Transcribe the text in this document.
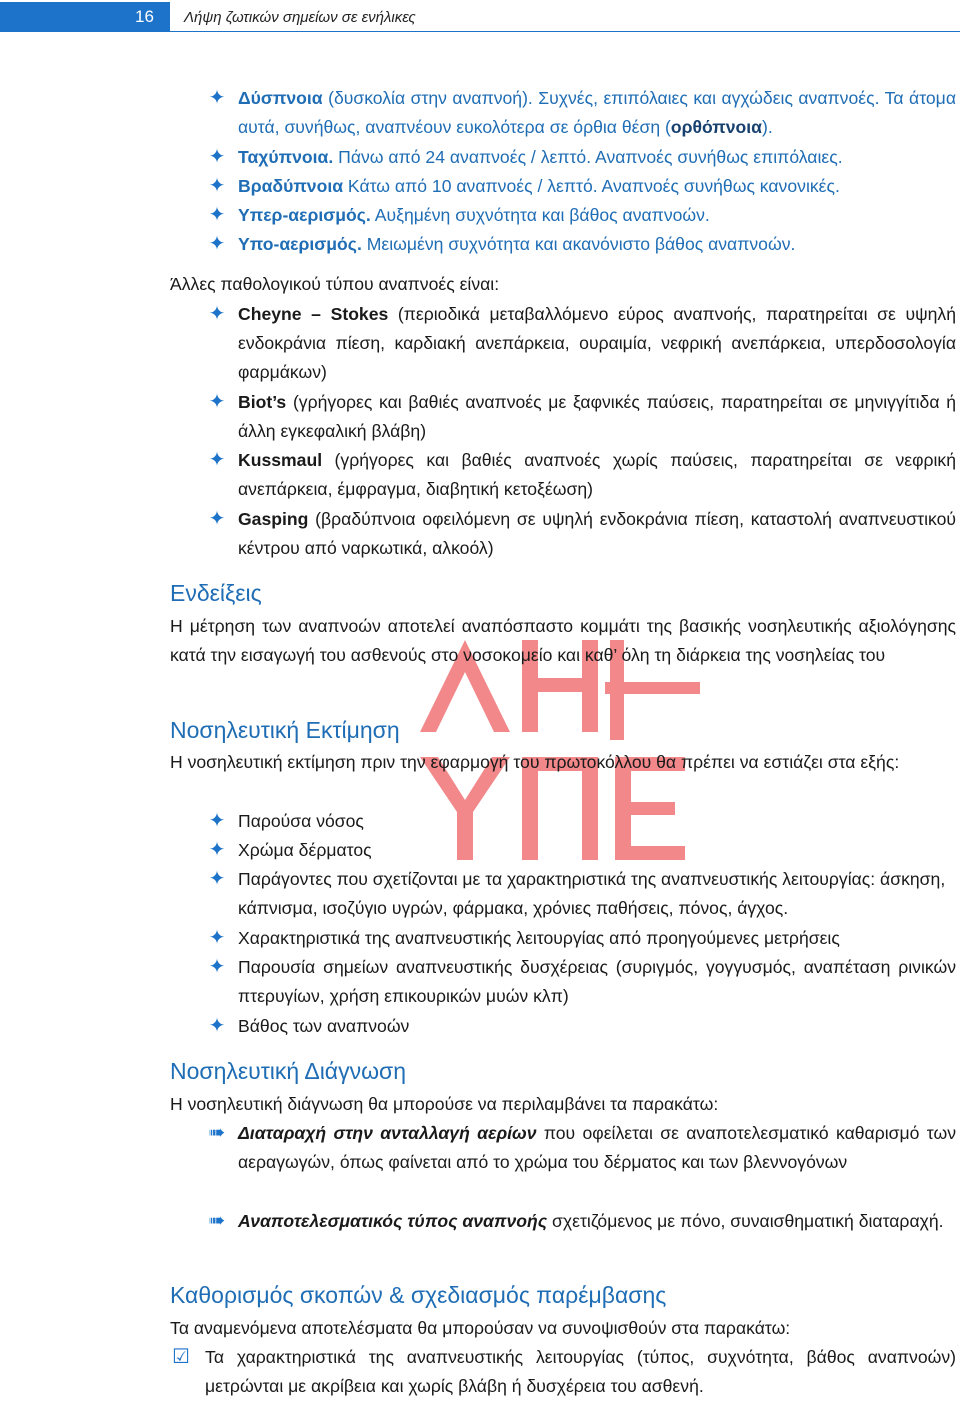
16	Λήψη ζωτικών σημείων σε ενήλικες
✦ Δύσπνοια (δυσκολία στην αναπνοή). Συχνές, επιπόλαιες και αγχώδεις αναπνοές. Τα άτομα αυτά, συνήθως, αναπνέουν ευκολότερα σε όρθια θέση (ορθόπνοια).
✦ Ταχύπνοια. Πάνω από 24 αναπνοές / λεπτό. Αναπνοές συνήθως επιπόλαιες.
✦ Βραδύπνοια Κάτω από 10 αναπνοές / λεπτό. Αναπνοές συνήθως κανονικές.
✦ Υπερ-αερισμός. Αυξημένη συχνότητα και βάθος αναπνοών.
✦ Υπο-αερισμός. Μειωμένη συχνότητα και ακανόνιστο βάθος αναπνοών.
Άλλες παθολογικού τύπου αναπνοές είναι:
✦ Cheyne – Stokes (περιοδικά μεταβαλλόμενο εύρος αναπνοής, παρατηρείται σε υψηλή ενδοκράνια πίεση, καρδιακή ανεπάρκεια, ουραιμία, νεφρική ανεπάρκεια, υπερδοσολογία φαρμάκων)
✦ Biot’s (γρήγορες και βαθιές αναπνοές με ξαφνικές παύσεις, παρατηρείται σε μηνιγγίτιδα ή άλλη εγκεφαλική βλάβη)
✦ Kussmaul (γρήγορες και βαθιές αναπνοές χωρίς παύσεις, παρατηρείται σε νεφρική ανεπάρκεια, έμφραγμα, διαβητική κετοξέωση)
✦ Gasping (βραδύπνοια οφειλόμενη σε υψηλή ενδοκράνια πίεση, καταστολή αναπνευστικού κέντρου από ναρκωτικά, αλκοόλ)
Ενδείξεις
Η μέτρηση των αναπνοών αποτελεί αναπόσπαστο κομμάτι της βασικής νοσηλευτικής αξιολόγησης κατά την εισαγωγή του ασθενούς στο νοσοκομείο και καθ’ όλη τη διάρκεια της νοσηλείας του
Νοσηλευτική Εκτίμηση
Η νοσηλευτική εκτίμηση πριν την εφαρμογή του πρωτοκόλλου θα πρέπει να εστιάζει στα εξής:
✦ Παρούσα νόσος
✦ Χρώμα δέρματος
✦ Παράγοντες που σχετίζονται με τα χαρακτηριστικά της αναπνευστικής λειτουργίας: άσκηση, κάπνισμα, ισοζύγιο υγρών, φάρμακα, χρόνιες παθήσεις, πόνος, άγχος.
✦ Χαρακτηριστικά της αναπνευστικής λειτουργίας από προηγούμενες μετρήσεις
✦ Παρουσία σημείων αναπνευστικής δυσχέρειας (συριγμός, γογγυσμός, αναπέταση ρινικών πτερυγίων, χρήση επικουρικών μυών κλπ)
✦ Βάθος των αναπνοών
Νοσηλευτική Διάγνωση
Η νοσηλευτική διάγνωση θα μπορούσε να περιλαμβάνει τα παρακάτω:
➠ Διαταραχή στην ανταλλαγή αερίων που οφείλεται σε αναποτελεσματικό καθαρισμό των αεραγωγών, όπως φαίνεται από το χρώμα του δέρματος και των βλεννογόνων
➠ Αναποτελεσματικός τύπος αναπνοής σχετιζόμενος με πόνο, συναισθηματική διαταραχή.
Καθορισμός σκοπών & σχεδιασμός παρέμβασης
Τα αναμενόμενα αποτελέσματα θα μπορούσαν να συνοψισθούν στα παρακάτω:
☑ Τα χαρακτηριστικά της αναπνευστικής λειτουργίας (τύπος, συχνότητα, βάθος αναπνοών) μετρώνται με ακρίβεια και χωρίς βλάβη ή δυσχέρεια του ασθενή.
